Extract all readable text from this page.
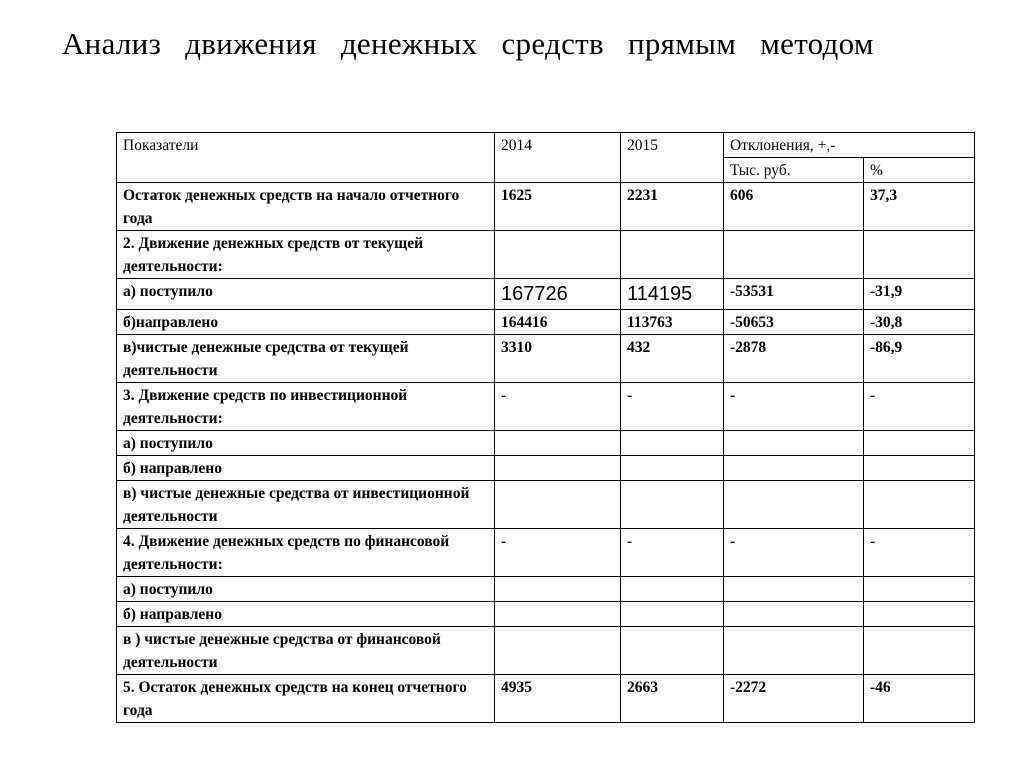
Анализ движения денежных средств прямым методом
Показатели	2014	2015	Отклонения, +,-	
			Тыс. руб.	%
Остаток денежных средств на начало отчетного года	1625	2231	606	37,3
2. Движение денежных средств от текущей деятельности:				
а) поступило	167726	114195	-53531	-31,9
б)направлено	164416	113763	-50653	-30,8
в)чистые денежные средства от текущей деятельности	3310	432	-2878	-86,9
3. Движение средств по инвестиционной деятельности:	-	-	-	-
а) поступило				
б) направлено				
в) чистые денежные средства от инвестиционной деятельности				
4. Движение денежных средств по финансовой деятельности:	-	-	-	-
а) поступило				
б) направлено				
в ) чистые денежные средства от финансовой деятельности				
5. Остаток денежных средств на конец отчетного года	4935	2663	-2272	-46
